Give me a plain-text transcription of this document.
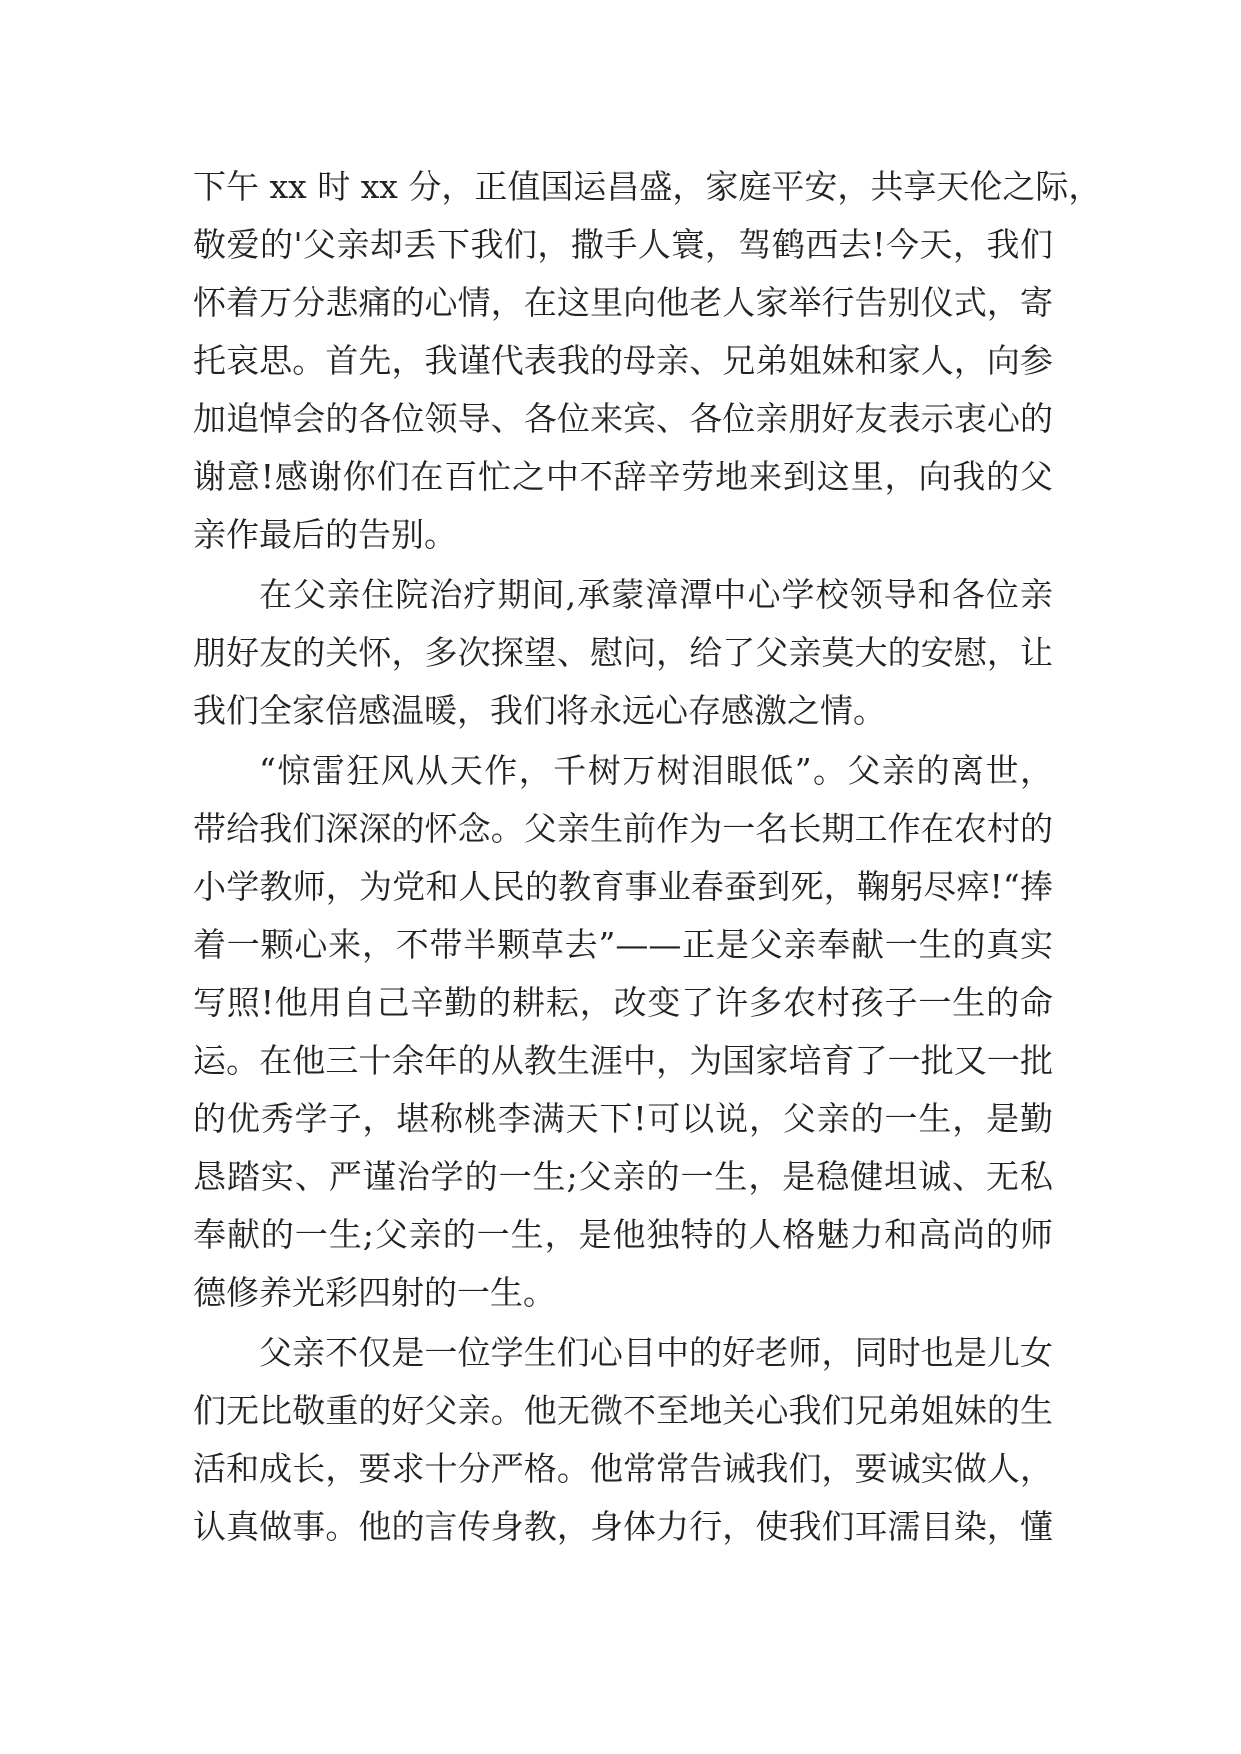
下午 xx 时 xx 分，正值国运昌盛，家庭平安，共享天伦之际，
敬爱的'父亲却丢下我们，撒手人寰，驾鹤西去!今天，我们
怀着万分悲痛的心情，在这里向他老人家举行告别仪式，寄
托哀思。首先，我谨代表我的母亲、兄弟姐妹和家人，向参
加追悼会的各位领导、各位来宾、各位亲朋好友表示衷心的
谢意!感谢你们在百忙之中不辞辛劳地来到这里，向我的父
亲作最后的告别。
在父亲住院治疗期间,承蒙漳潭中心学校领导和各位亲
朋好友的关怀，多次探望、慰问，给了父亲莫大的安慰，让
我们全家倍感温暖，我们将永远心存感激之情。
“惊雷狂风从天作，千树万树泪眼低”。父亲的离世，
带给我们深深的怀念。父亲生前作为一名长期工作在农村的
小学教师，为党和人民的教育事业春蚕到死，鞠躬尽瘁!“捧
着一颗心来，不带半颗草去”——正是父亲奉献一生的真实
写照!他用自己辛勤的耕耘，改变了许多农村孩子一生的命
运。在他三十余年的从教生涯中，为国家培育了一批又一批
的优秀学子，堪称桃李满天下!可以说，父亲的一生，是勤
恳踏实、严谨治学的一生;父亲的一生，是稳健坦诚、无私
奉献的一生;父亲的一生，是他独特的人格魅力和高尚的师
德修养光彩四射的一生。
父亲不仅是一位学生们心目中的好老师，同时也是儿女
们无比敬重的好父亲。他无微不至地关心我们兄弟姐妹的生
活和成长，要求十分严格。他常常告诫我们，要诚实做人，
认真做事。他的言传身教，身体力行，使我们耳濡目染，懂
